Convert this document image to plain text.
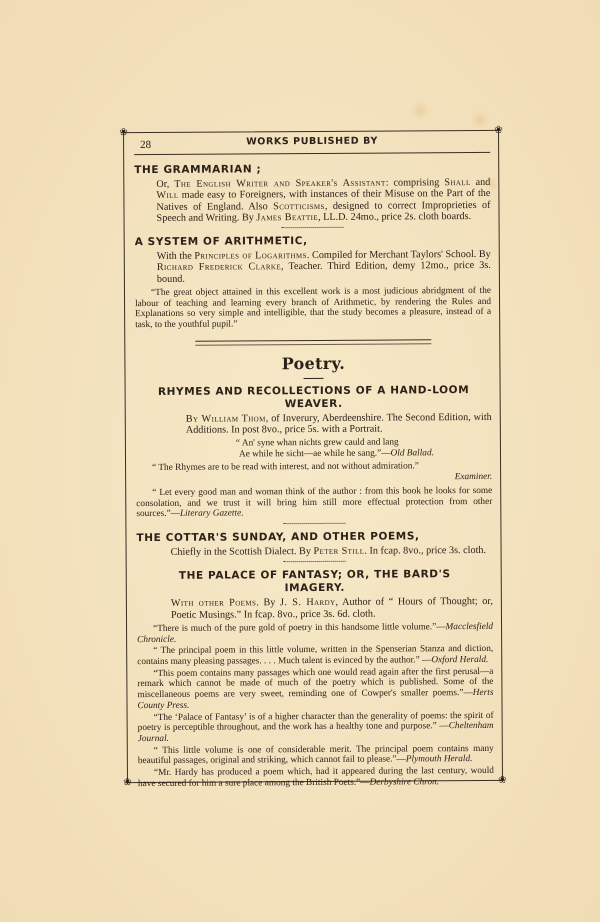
❀	❀
❀	❀
28	WORKS PUBLISHED BY
THE GRAMMARIAN ;

Or, The English Writer and Speaker's Assistant: comprising Shall and Will made easy to Foreigners, with instances of their Misuse on the Part of the Natives of England. Also Scotticisms, designed to correct Improprieties of Speech and Writing. By James Beattie, LL.D. 24mo., price 2s. cloth boards.

A SYSTEM OF ARITHMETIC,

With the Principles of Logarithms. Compiled for Merchant Taylors' School. By Richard Frederick Clarke, Teacher. Third Edition, demy 12mo., price 3s. bound.

“The great object attained in this excellent work is a most judicious abridgment of the labour of teaching and learning every branch of Arithmetic, by rendering the Rules and Explanations so very simple and intelligible, that the study becomes a pleasure, instead of a task, to the youthful pupil.”

Poetry.
RHYMES AND RECOLLECTIONS OF A HAND-LOOM WEAVER.

By William Thom, of Inverury, Aberdeenshire. The Second Edition, with Additions. In post 8vo., price 5s. with a Portrait.

“ An' syne whan nichts grew cauld and lang
Ae while he sicht—ae while he sang.”—Old Ballad.

“ The Rhymes are to be read with interest, and not without admiration.”

Examiner.

“ Let every good man and woman think of the author : from this book he looks for some consolation, and we trust it will bring him still more effectual protection from other sources.”—Literary Gazette.

THE COTTAR'S SUNDAY, AND OTHER POEMS,

Chiefly in the Scottish Dialect. By Peter Still. In fcap. 8vo., price 3s. cloth.

THE PALACE OF FANTASY; OR, THE BARD'S IMAGERY.

With other Poems. By J. S. Hardy, Author of “ Hours of Thought; or, Poetic Musings.” In fcap. 8vo., price 3s. 6d. cloth.

“There is much of the pure gold of poetry in this handsome little volume.”—Macclesfield Chronicle.

“ The principal poem in this little volume, written in the Spenserian Stanza and diction, contains many pleasing passages. . . . Much talent is evinced by the author.” —Oxford Herald.

“This poem contains many passages which one would read again after the first perusal—a remark which cannot be made of much of the poetry which is published. Some of the miscellaneous poems are very sweet, reminding one of Cowper's smaller poems.”—Herts County Press.

“The ‘Palace of Fantasy’ is of a higher character than the generality of poems: the spirit of poetry is perceptible throughout, and the work has a healthy tone and purpose.” —Cheltenham Journal.

“ This little volume is one of considerable merit. The principal poem contains many beautiful passages, original and striking, which cannot fail to please.”—Plymouth Herald.

“Mr. Hardy has produced a poem which, had it appeared during the last century, would have secured for him a sure place among the British Poets.”—Derbyshire Chron.
